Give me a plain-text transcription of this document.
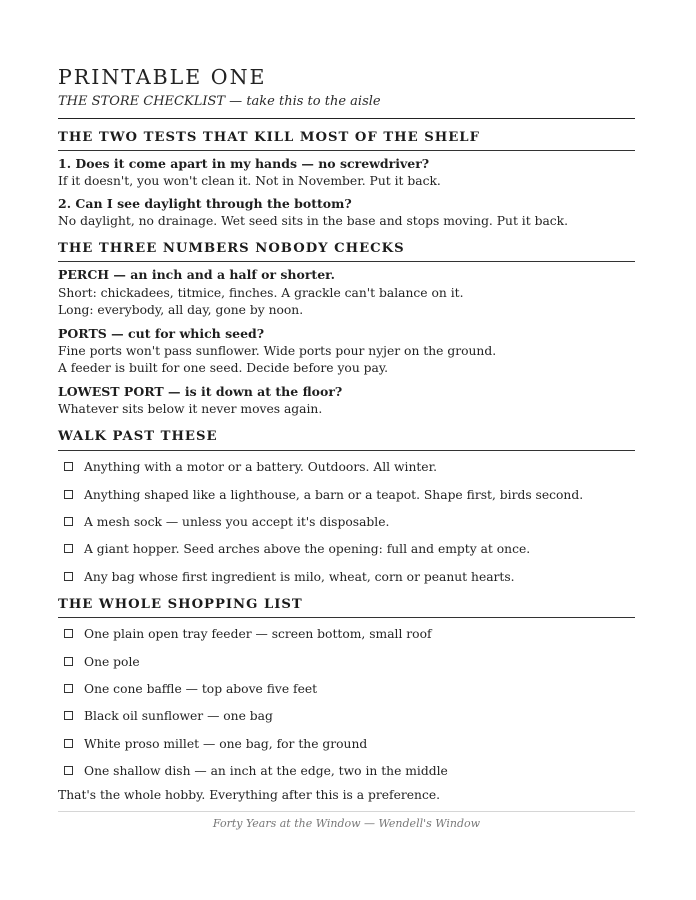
PRINTABLE ONE
THE STORE CHECKLIST — take this to the aisle
THE TWO TESTS THAT KILL MOST OF THE SHELF
1. Does it come apart in my hands — no screwdriver?
If it doesn't, you won't clean it. Not in November. Put it back.
2. Can I see daylight through the bottom?
No daylight, no drainage. Wet seed sits in the base and stops moving. Put it back.
THE THREE NUMBERS NOBODY CHECKS
PERCH — an inch and a half or shorter.
Short: chickadees, titmice, finches. A grackle can't balance on it.
Long: everybody, all day, gone by noon.
PORTS — cut for which seed?
Fine ports won't pass sunflower. Wide ports pour nyjer on the ground.
A feeder is built for one seed. Decide before you pay.
LOWEST PORT — is it down at the floor?
Whatever sits below it never moves again.
WALK PAST THESE
Anything with a motor or a battery. Outdoors. All winter.
Anything shaped like a lighthouse, a barn or a teapot. Shape first, birds second.
A mesh sock — unless you accept it's disposable.
A giant hopper. Seed arches above the opening: full and empty at once.
Any bag whose first ingredient is milo, wheat, corn or peanut hearts.
THE WHOLE SHOPPING LIST
One plain open tray feeder — screen bottom, small roof
One pole
One cone baffle — top above five feet
Black oil sunflower — one bag
White proso millet — one bag, for the ground
One shallow dish — an inch at the edge, two in the middle
That's the whole hobby. Everything after this is a preference.
Forty Years at the Window — Wendell's Window
